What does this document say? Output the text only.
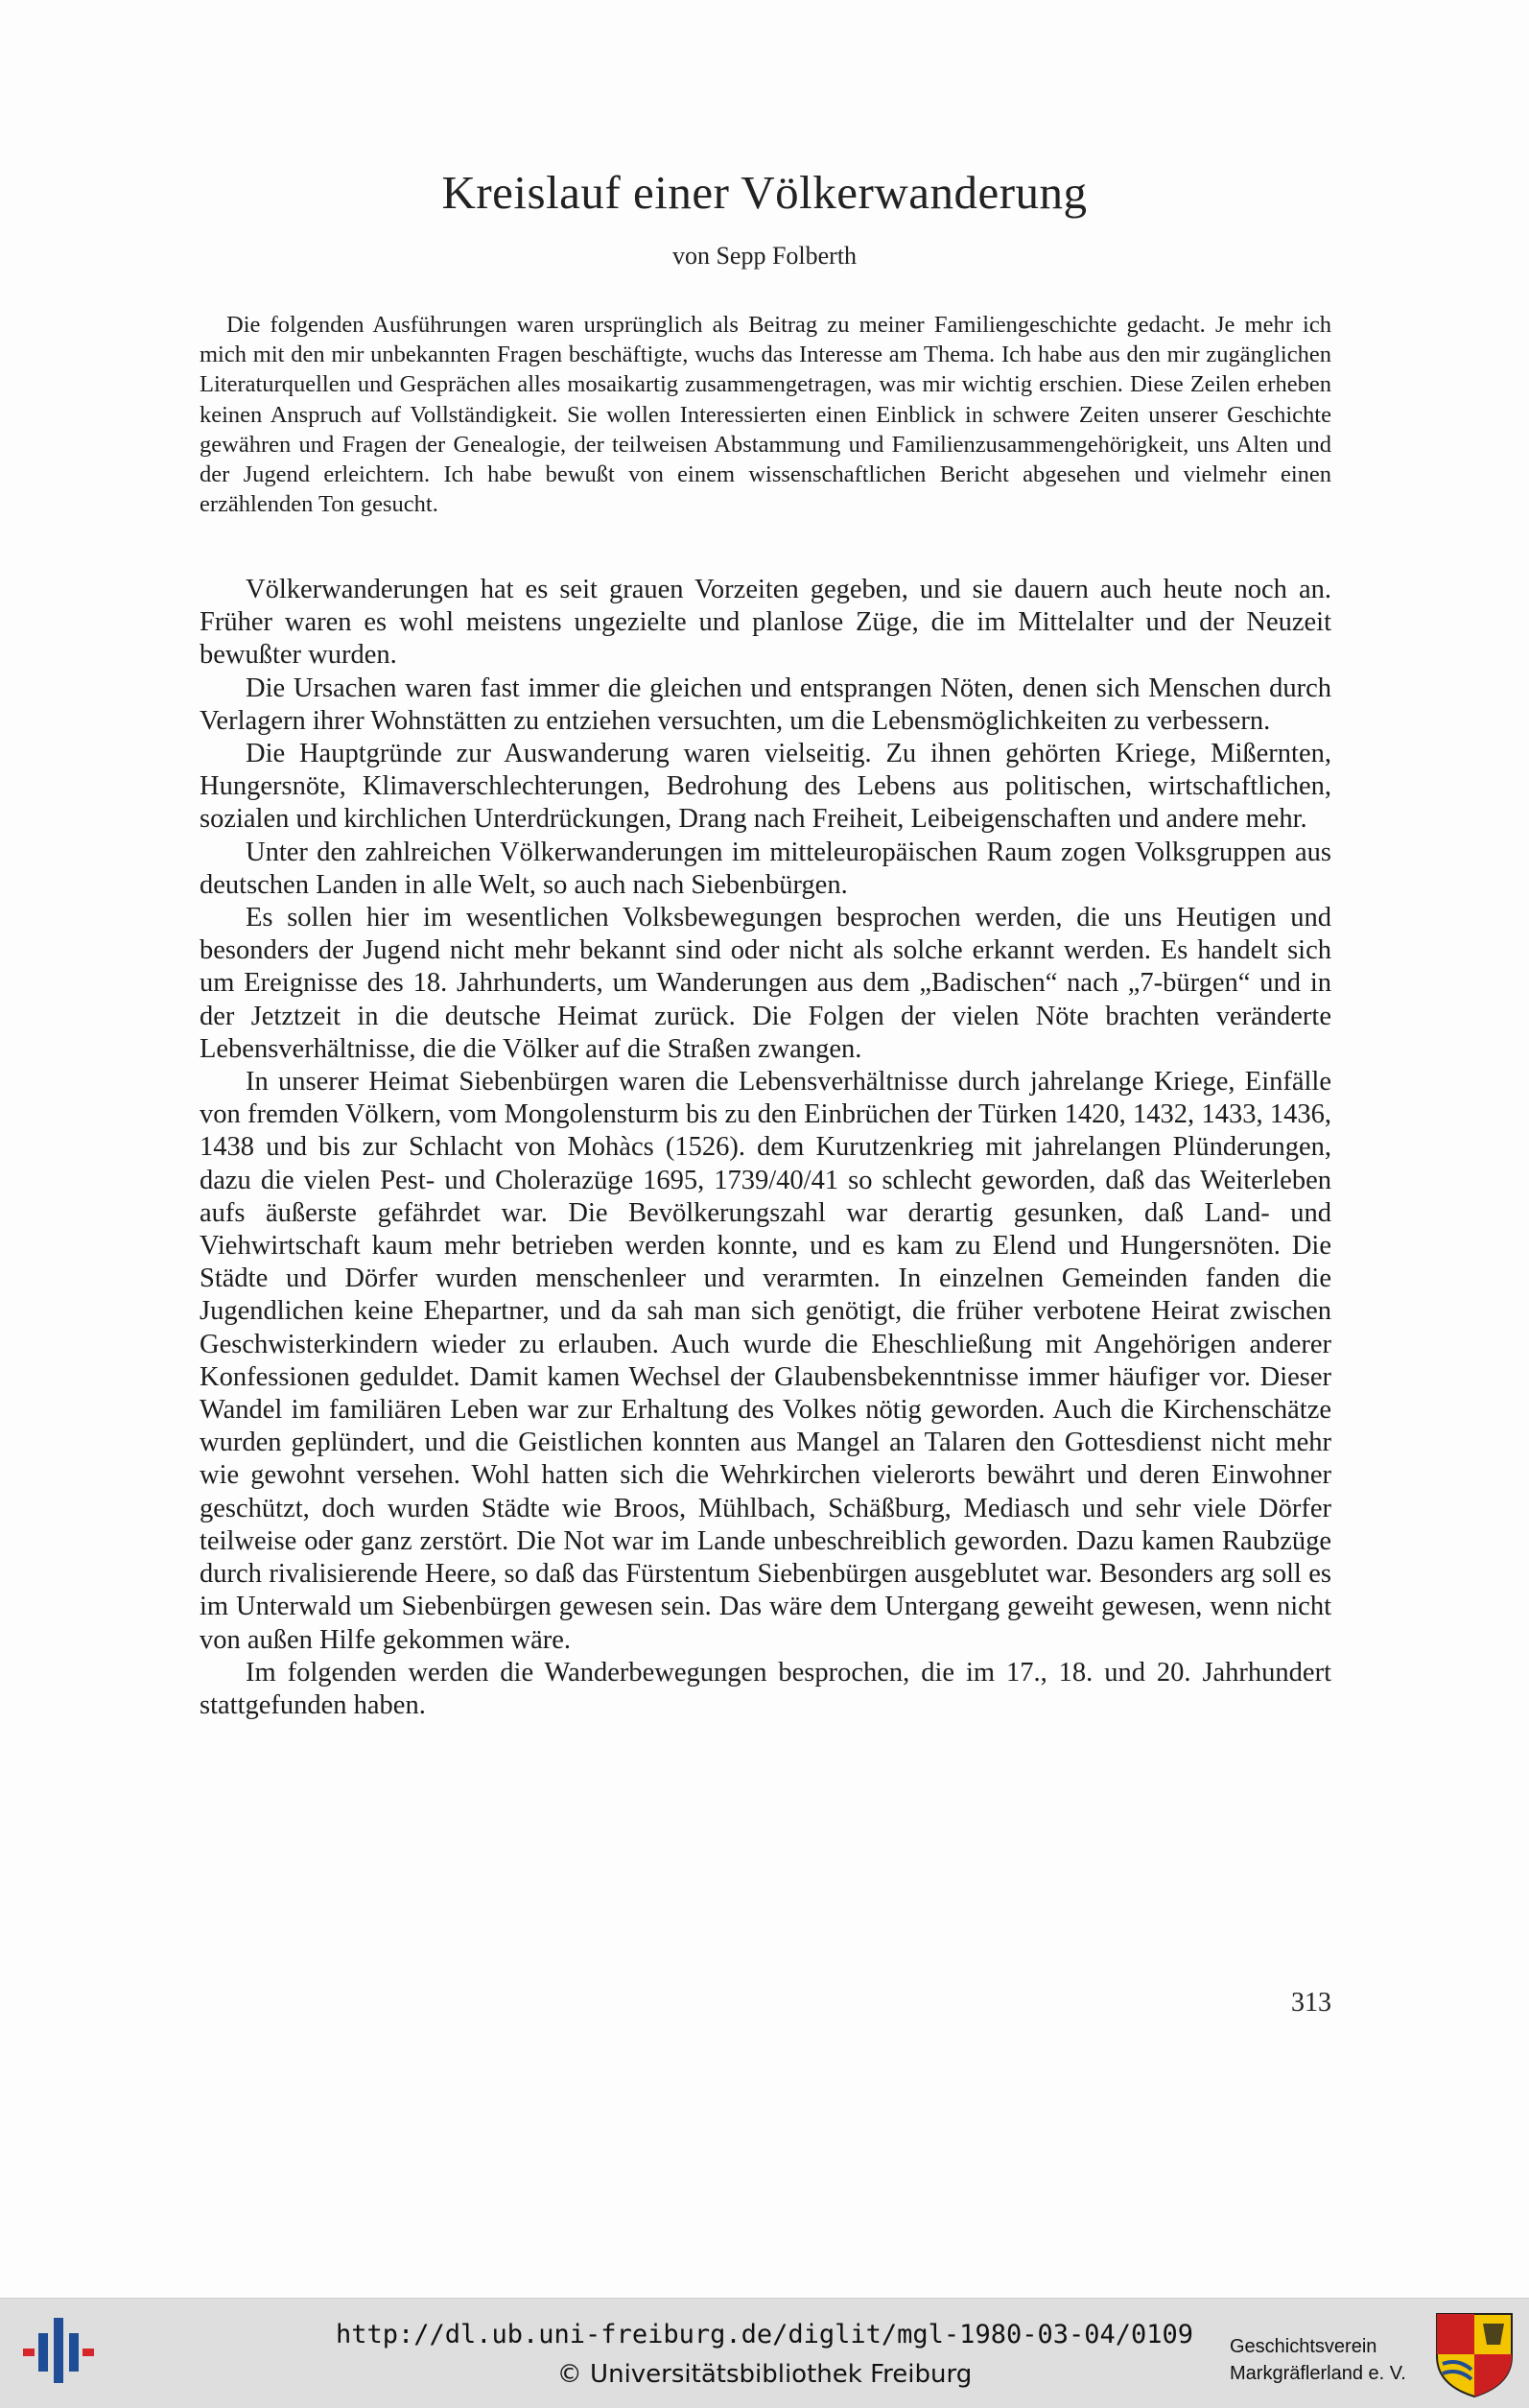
Kreislauf einer Völkerwanderung
von Sepp Folberth

Die folgenden Ausführungen waren ursprünglich als Beitrag zu meiner Familiengeschichte gedacht. Je mehr ich mich mit den mir unbekannten Fragen beschäftigte, wuchs das Interesse am Thema. Ich habe aus den mir zugänglichen Literaturquellen und Gesprächen alles mosaikartig zusammengetragen, was mir wichtig erschien. Diese Zeilen erheben keinen Anspruch auf Vollständigkeit. Sie wollen Interessierten einen Einblick in schwere Zeiten unserer Geschichte gewähren und Fragen der Genealogie, der teilweisen Abstammung und Familienzusammengehörigkeit, uns Alten und der Jugend erleichtern. Ich habe bewußt von einem wissenschaftlichen Bericht abgesehen und vielmehr einen erzählenden Ton gesucht.

Völkerwanderungen hat es seit grauen Vorzeiten gegeben, und sie dauern auch heute noch an. Früher waren es wohl meistens ungezielte und planlose Züge, die im Mittelalter und der Neuzeit bewußter wurden.

Die Ursachen waren fast immer die gleichen und entsprangen Nöten, denen sich Menschen durch Verlagern ihrer Wohnstätten zu entziehen versuchten, um die Lebensmöglichkeiten zu verbessern.

Die Hauptgründe zur Auswanderung waren vielseitig. Zu ihnen gehörten Kriege, Mißernten, Hungersnöte, Klimaverschlechterungen, Bedrohung des Lebens aus politischen, wirtschaftlichen, sozialen und kirchlichen Unterdrückungen, Drang nach Freiheit, Leibeigenschaften und andere mehr.

Unter den zahlreichen Völkerwanderungen im mitteleuropäischen Raum zogen Volksgruppen aus deutschen Landen in alle Welt, so auch nach Siebenbürgen.

Es sollen hier im wesentlichen Volksbewegungen besprochen werden, die uns Heutigen und besonders der Jugend nicht mehr bekannt sind oder nicht als solche erkannt werden. Es handelt sich um Ereignisse des 18. Jahrhunderts, um Wanderungen aus dem „Badischen“ nach „7-bürgen“ und in der Jetztzeit in die deutsche Heimat zurück. Die Folgen der vielen Nöte brachten veränderte Lebensverhältnisse, die die Völker auf die Straßen zwangen.

In unserer Heimat Siebenbürgen waren die Lebensverhältnisse durch jahrelange Kriege, Einfälle von fremden Völkern, vom Mongolensturm bis zu den Einbrüchen der Türken 1420, 1432, 1433, 1436, 1438 und bis zur Schlacht von Mohàcs (1526). dem Kurutzenkrieg mit jahrelangen Plünderungen, dazu die vielen Pest- und Cholerazüge 1695, 1739/40/41 so schlecht geworden, daß das Weiterleben aufs äußerste gefährdet war. Die Bevölkerungszahl war derartig gesunken, daß Land- und Viehwirtschaft kaum mehr betrieben werden konnte, und es kam zu Elend und Hungersnöten. Die Städte und Dörfer wurden menschenleer und verarmten. In einzelnen Gemeinden fanden die Jugendlichen keine Ehepartner, und da sah man sich genötigt, die früher verbotene Heirat zwischen Geschwisterkindern wieder zu erlauben. Auch wurde die Eheschließung mit Angehörigen anderer Konfessionen geduldet. Damit kamen Wechsel der Glaubensbekenntnisse immer häufiger vor. Dieser Wandel im familiären Leben war zur Erhaltung des Volkes nötig geworden. Auch die Kirchenschätze wurden geplündert, und die Geistlichen konnten aus Mangel an Talaren den Gottesdienst nicht mehr wie gewohnt versehen. Wohl hatten sich die Wehrkirchen vielerorts bewährt und deren Einwohner geschützt, doch wurden Städte wie Broos, Mühlbach, Schäßburg, Mediasch und sehr viele Dörfer teilweise oder ganz zerstört. Die Not war im Lande unbeschreiblich geworden. Dazu kamen Raubzüge durch rivalisierende Heere, so daß das Fürstentum Siebenbürgen ausgeblutet war. Besonders arg soll es im Unterwald um Siebenbürgen gewesen sein. Das wäre dem Untergang geweiht gewesen, wenn nicht von außen Hilfe gekommen wäre.

Im folgenden werden die Wanderbewegungen besprochen, die im 17., 18. und 20. Jahrhundert stattgefunden haben.

313
http://dl.ub.uni-freiburg.de/diglit/mgl-1980-03-04/0109
© Universitätsbibliothek Freiburg
Geschichtsverein
Markgräflerland e. V.
